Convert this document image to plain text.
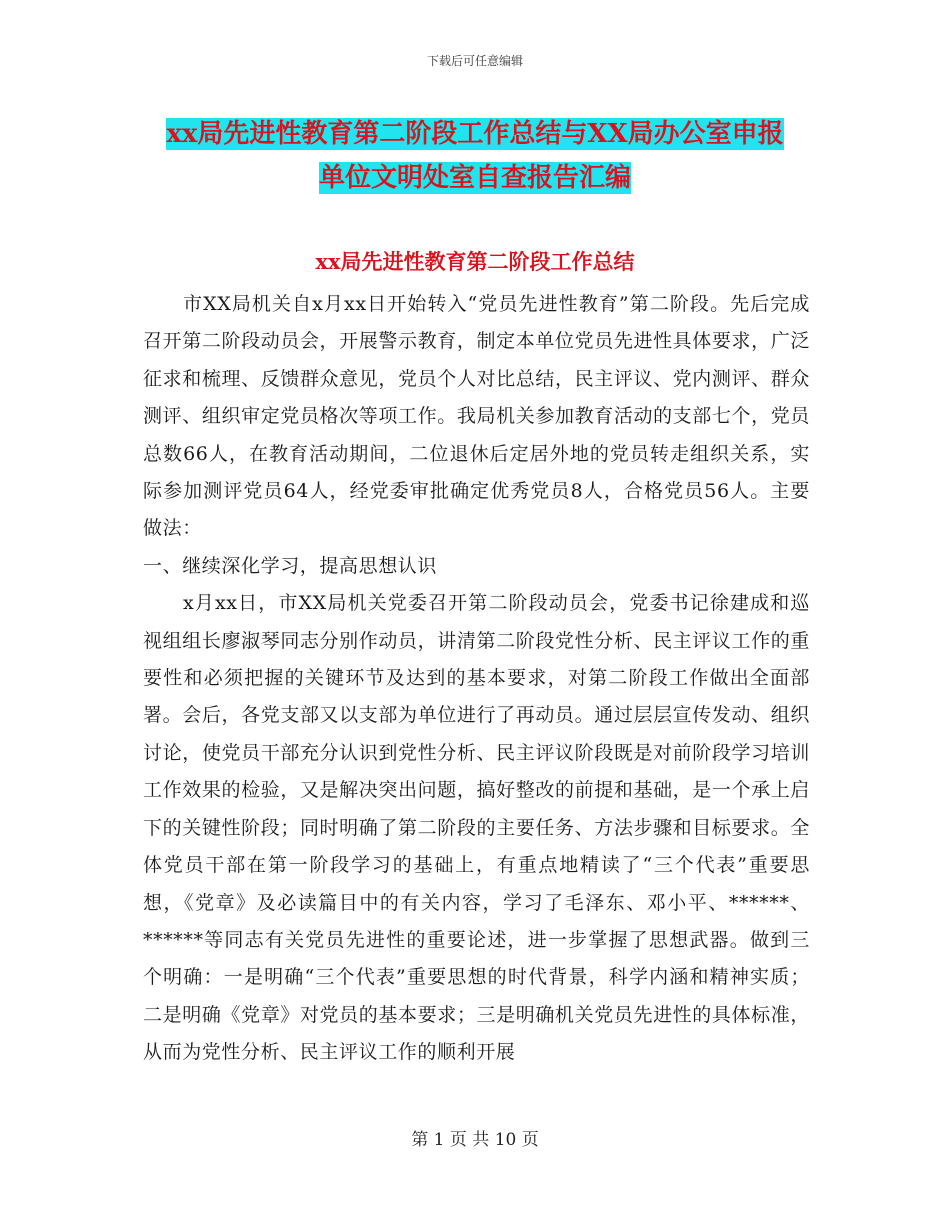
下载后可任意编辑
xx局先进性教育第二阶段工作总结与XX局办公室申报
单位文明处室自查报告汇编
xx局先进性教育第二阶段工作总结

市XX局机关自x月xx日开始转入“党员先进性教育”第二阶段。先后完成召开第二阶段动员会，开展警示教育，制定本单位党员先进性具体要求，广泛征求和梳理、反馈群众意见，党员个人对比总结，民主评议、党内测评、群众测评、组织审定党员格次等项工作。我局机关参加教育活动的支部七个，党员总数66人，在教育活动期间，二位退休后定居外地的党员转走组织关系，实际参加测评党员64人，经党委审批确定优秀党员8人，合格党员56人。主要做法：

一、继续深化学习，提高思想认识

x月xx日，市XX局机关党委召开第二阶段动员会，党委书记徐建成和巡视组组长廖淑琴同志分别作动员，讲清第二阶段党性分析、民主评议工作的重要性和必须把握的关键环节及达到的基本要求，对第二阶段工作做出全面部署。会后，各党支部又以支部为单位进行了再动员。通过层层宣传发动、组织讨论，使党员干部充分认识到党性分析、民主评议阶段既是对前阶段学习培训工作效果的检验，又是解决突出问题，搞好整改的前提和基础，是一个承上启下的关键性阶段；同时明确了第二阶段的主要任务、方法步骤和目标要求。全体党员干部在第一阶段学习的基础上，有重点地精读了“三个代表”重要思想，《党章》及必读篇目中的有关内容，学习了毛泽东、邓小平、******、******等同志有关党员先进性的重要论述，进一步掌握了思想武器。做到三个明确：一是明确“三个代表”重要思想的时代背景，科学内涵和精神实质；二是明确《党章》对党员的基本要求；三是明确机关党员先进性的具体标准，从而为党性分析、民主评议工作的顺利开展

第 1 页 共 10 页
